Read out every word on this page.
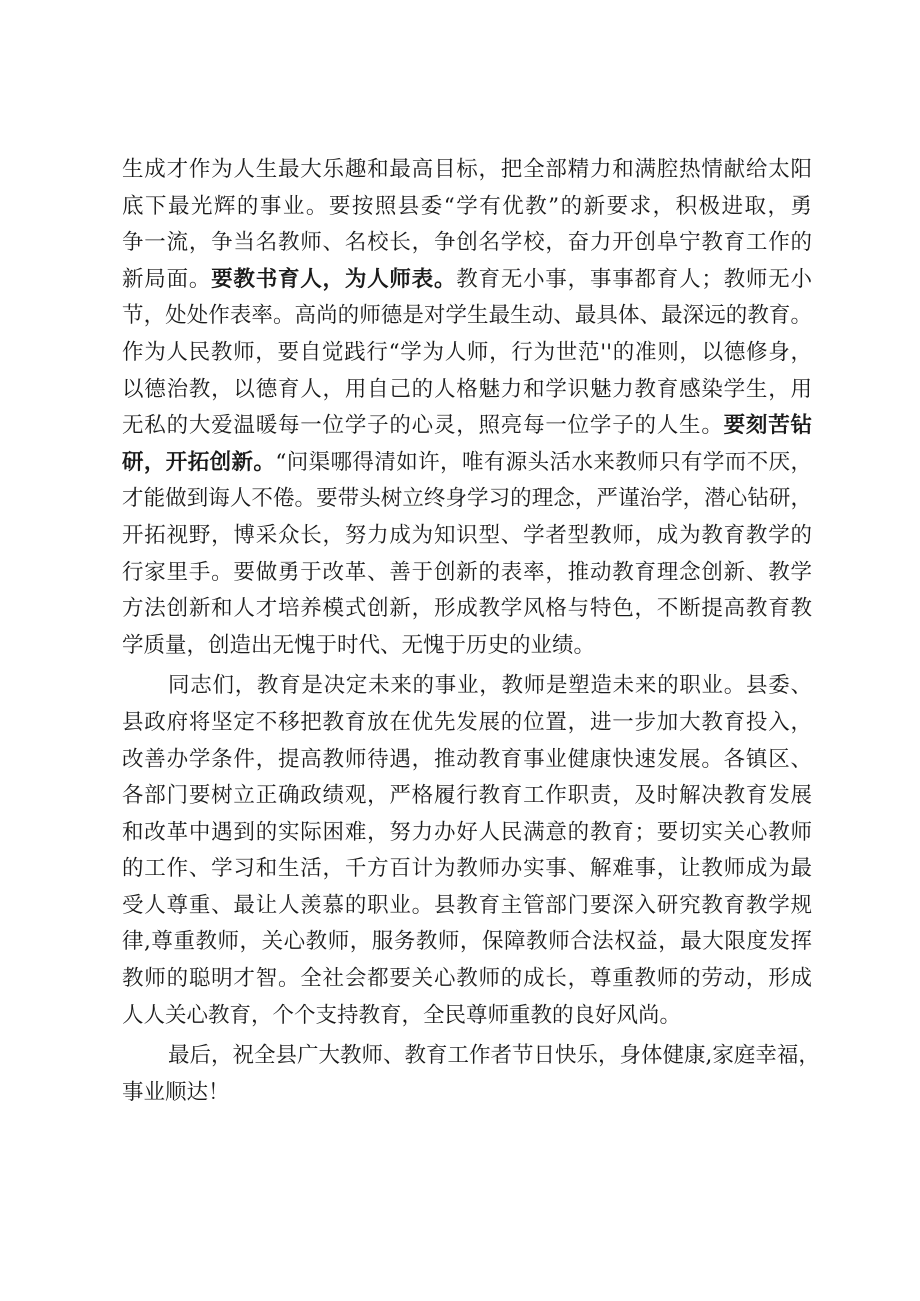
生成才作为人生最大乐趣和最高目标，把全部精力和满腔热情献给太阳
底下最光辉的事业。要按照县委“学有优教”的新要求，积极进取，勇
争一流，争当名教师、名校长，争创名学校，奋力开创阜宁教育工作的
新局面。要教书育人，为人师表。教育无小事，事事都育人；教师无小
节，处处作表率。高尚的师德是对学生最生动、最具体、最深远的教育。
作为人民教师，要自觉践行“学为人师，行为世范''的准则，以德修身，
以德治教，以德育人，用自己的人格魅力和学识魅力教育感染学生，用
无私的大爱温暖每一位学子的心灵，照亮每一位学子的人生。要刻苦钻
研，开拓创新。“问渠哪得清如许，唯有源头活水来教师只有学而不厌，
才能做到诲人不倦。要带头树立终身学习的理念，严谨治学，潜心钻研，
开拓视野，博采众长，努力成为知识型、学者型教师，成为教育教学的
行家里手。要做勇于改革、善于创新的表率，推动教育理念创新、教学
方法创新和人才培养模式创新，形成教学风格与特色，不断提高教育教
学质量，创造出无愧于时代、无愧于历史的业绩。
同志们，教育是决定未来的事业，教师是塑造未来的职业。县委、
县政府将坚定不移把教育放在优先发展的位置，进一步加大教育投入，
改善办学条件，提高教师待遇，推动教育事业健康快速发展。各镇区、
各部门要树立正确政绩观，严格履行教育工作职责，及时解决教育发展
和改革中遇到的实际困难，努力办好人民满意的教育；要切实关心教师
的工作、学习和生活，千方百计为教师办实事、解难事，让教师成为最
受人尊重、最让人羡慕的职业。县教育主管部门要深入研究教育教学规
律,尊重教师，关心教师，服务教师，保障教师合法权益，最大限度发挥
教师的聪明才智。全社会都要关心教师的成长，尊重教师的劳动，形成
人人关心教育，个个支持教育，全民尊师重教的良好风尚。
最后，祝全县广大教师、教育工作者节日快乐，身体健康,家庭幸福，
事业顺达！
